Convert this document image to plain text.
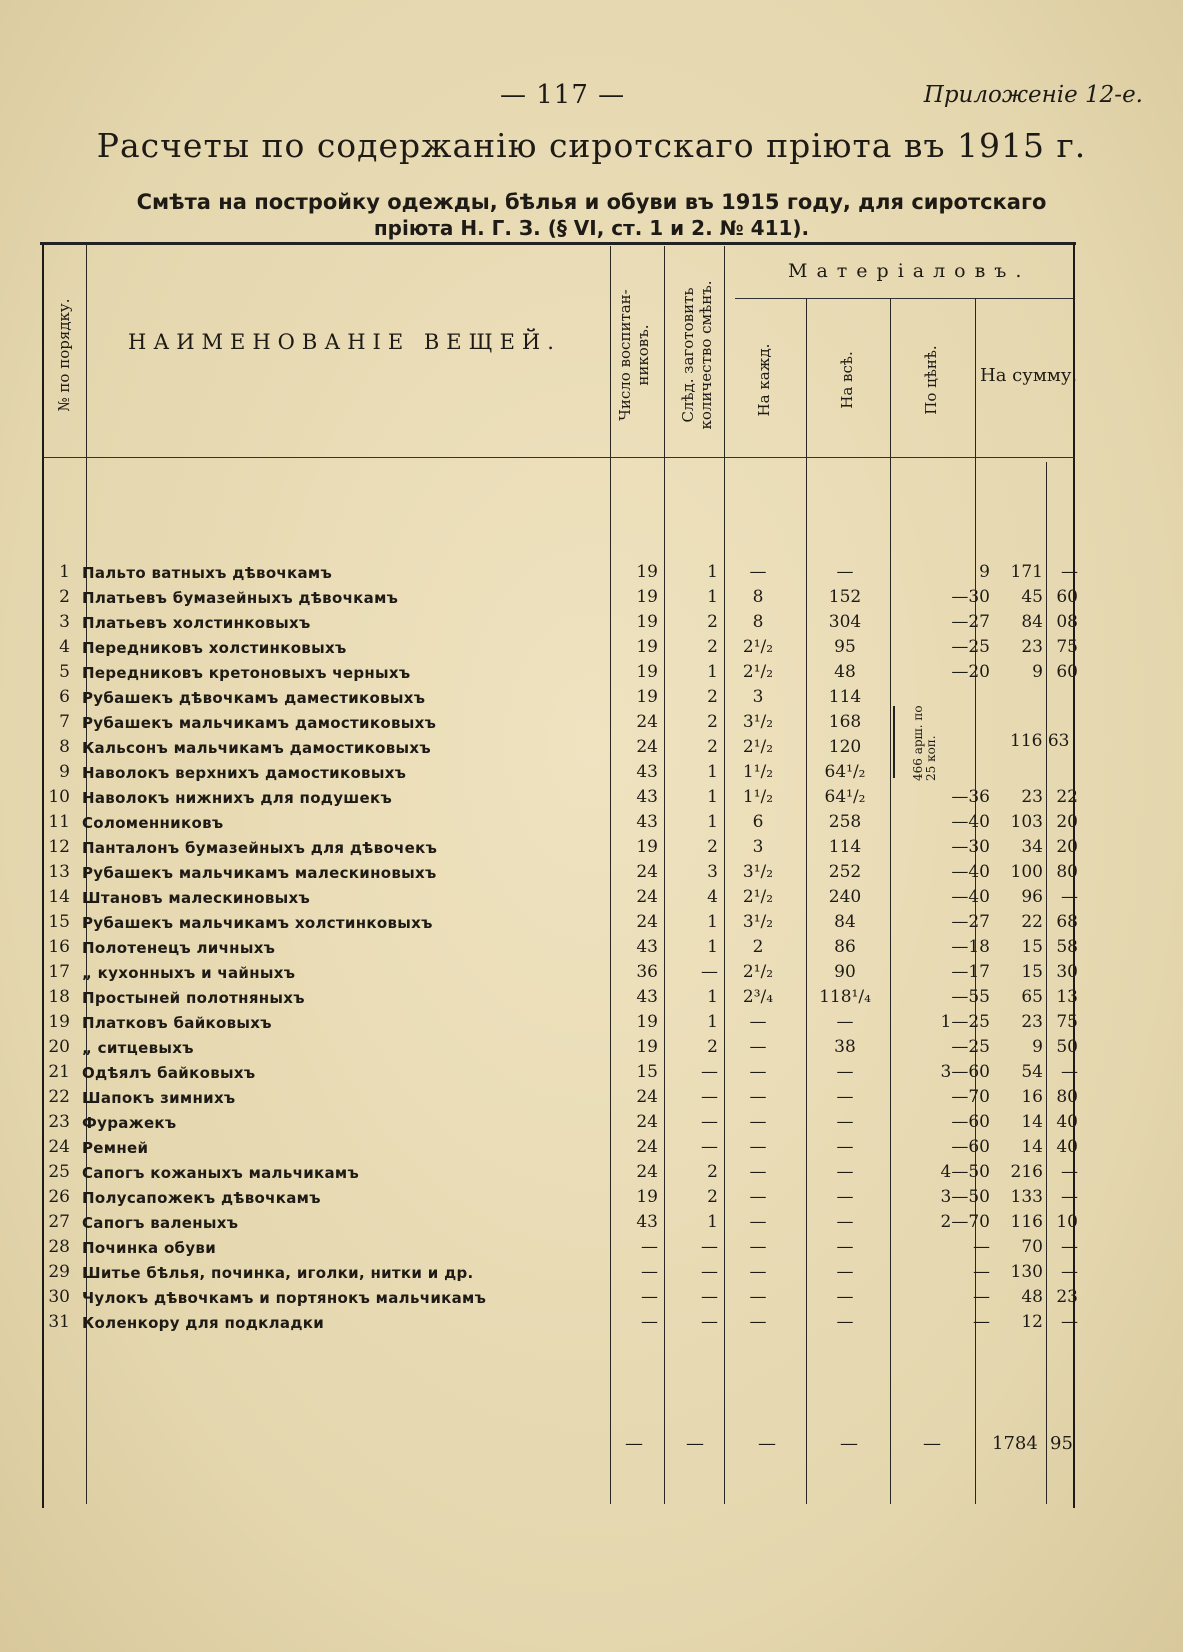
— 117 —	Приложеніе 12-е.
Расчеты по содержанію сиротскаго пріюта въ 1915 г.
Смѣта на постройку одежды, бѣлья и обуви въ 1915 году, для сиротскаго
пріюта Н. Г. З. (§ VI, ст. 1 и 2. № 411).
№ по порядку.	НАИМЕНОВАНІЕ ВЕЩЕЙ.	Число воспитан- никовъ. Слѣд. заготовить количество смѣнъ.
Матеріаловъ.
На кажд.	На всѣ.	По цѣнѣ. На сумму.
1 Пальто ватныхъ дѣвочкамъ	19	1	—	—	9	171	—
2 Платьевъ бумазейныхъ дѣвочкамъ	19	1	8	152	—30	45 60
3 Платьевъ холстинковыхъ	19	2	8	304	—27	84 08
4 Передниковъ холстинковыхъ	19	2	2¹/₂	95	—25	23 75
5 Передниковъ кретоновыхъ черныхъ	19	1	2¹/₂	48	—20	9 60
6 Рубашекъ дѣвочкамъ даместиковыхъ	19	2	3	114
7 Рубашекъ мальчикамъ дамостиковыхъ	24	2	3¹/₂	168
8 Кальсонъ мальчикамъ дамостиковыхъ	24	2	2¹/₂	120
9 Наволокъ верхнихъ дамостиковыхъ	43	1	1¹/₂	64¹/₂
10 Наволокъ нижнихъ для подушекъ	43	1	1¹/₂	64¹/₂	—36	23 22
11 Соломенниковъ	43	1	6	258	—40	103 20
12 Панталонъ бумазейныхъ для дѣвочекъ	19	2	3	114	—30	34 20
13 Рубашекъ мальчикамъ малескиновыхъ	24	3	3¹/₂	252	—40	100 80
14 Штановъ малескиновыхъ	24	4	2¹/₂	240	—40	96	—
15 Рубашекъ мальчикамъ холстинковыхъ	24	1	3¹/₂	84	—27	22 68
16 Полотенецъ личныхъ	43	1	2	86	—18	15 58
17 „ кухонныхъ и чайныхъ	36	—	2¹/₂	90	—17	15 30
18 Простыней полотняныхъ	43	1	2³/₄	118¹/₄	—55	65 13
19 Платковъ байковыхъ	19	1	—	—	1—25	23 75
20 „ ситцевыхъ	19	2	—	38	—25	9 50
21 Одѣялъ байковыхъ	15	—	—	—	3—60	54	—
22 Шапокъ зимнихъ	24	—	—	—	—70	16 80
23 Фуражекъ	24	—	—	—	—60	14 40
24 Ремней	24	—	—	—	—60	14 40
25 Сапогъ кожаныхъ мальчикамъ	24	2	—	—	4—50	216	—
26 Полусапожекъ дѣвочкамъ	19	2	—	—	3—50	133	—
27 Сапогъ валеныхъ	43	1	—	—	2—70	116 10
28 Починка обуви	—	—	—	—	—	70	—
29 Шитье бѣлья, починка, иголки, нитки и др.	—	—	—	—	—	130	—
30 Чулокъ дѣвочкамъ и портянокъ мальчикамъ	—	—	—	—	—	48 23
31 Коленкору для подкладки	—	—	—	—	—	12	—
466 арш. по 25 коп.	116 63
— —	—	—	—	1784 95
